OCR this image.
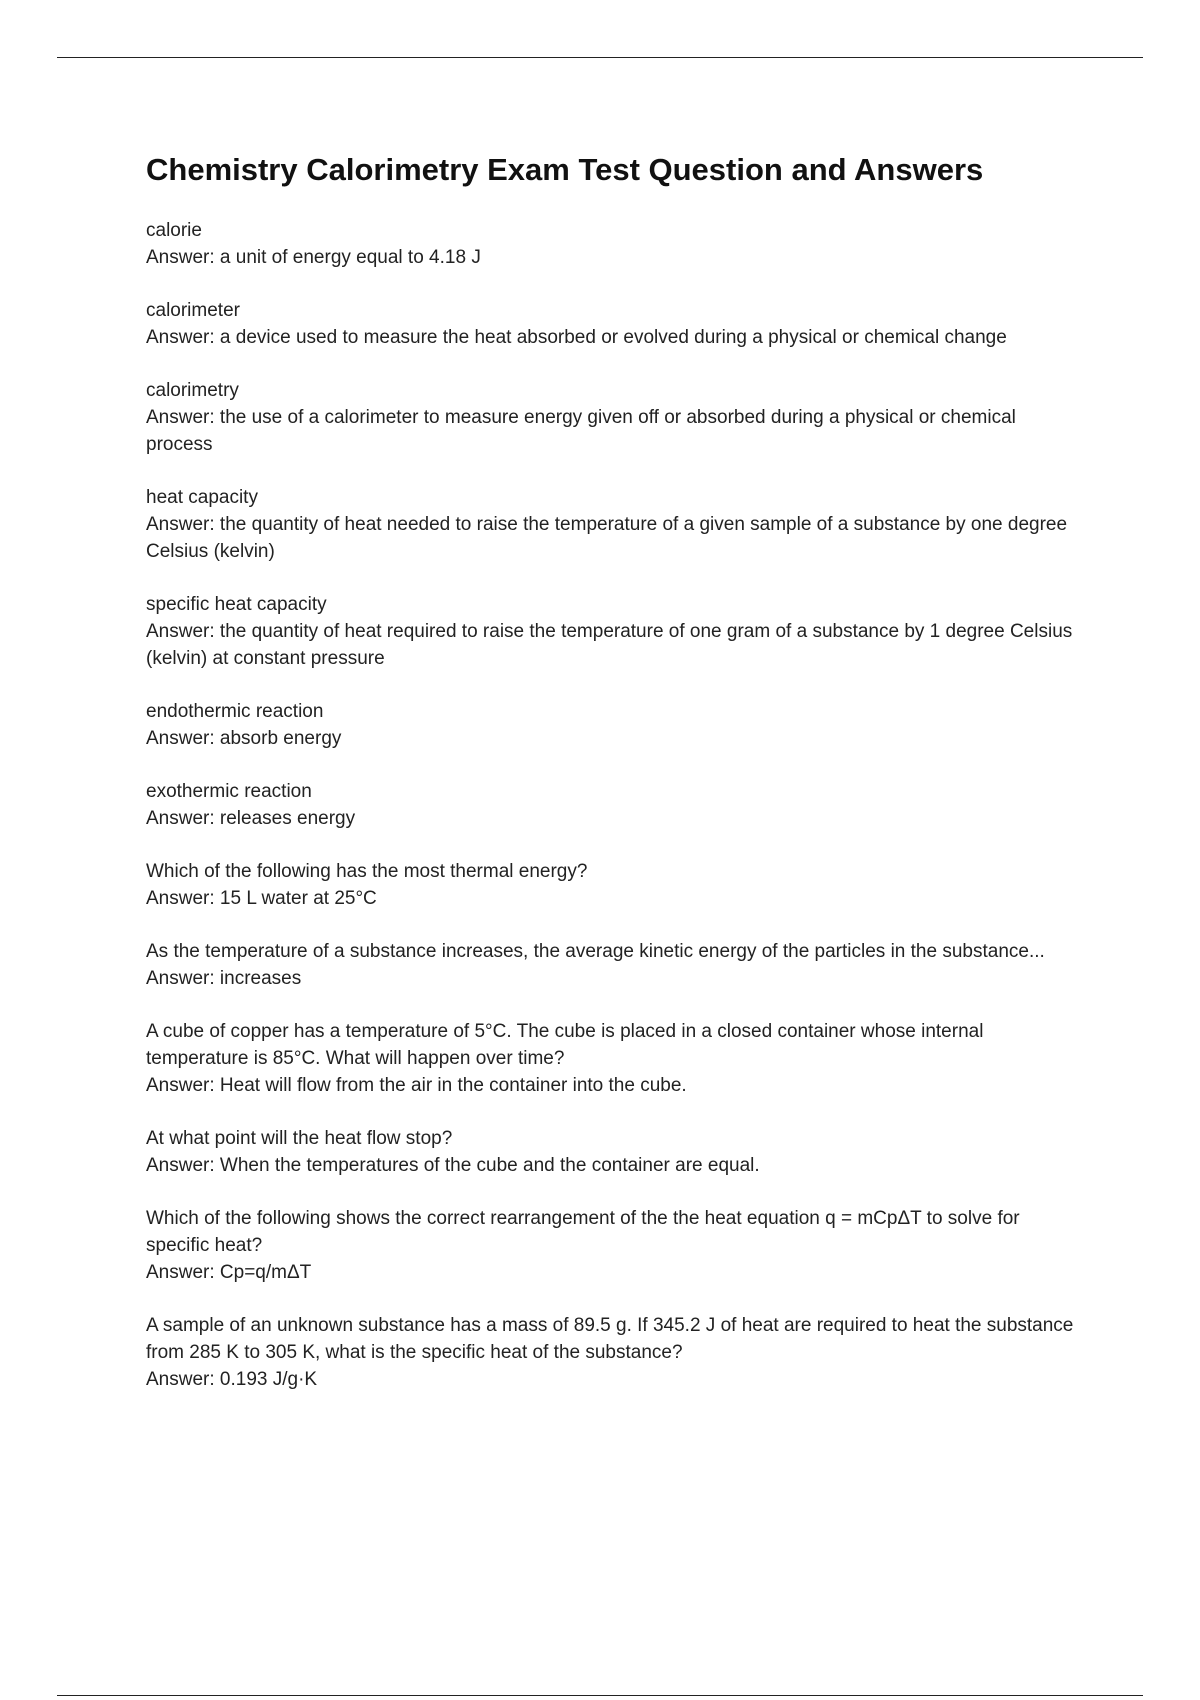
Chemistry Calorimetry Exam Test Question and Answers
calorie
Answer: a unit of energy equal to 4.18 J
calorimeter
Answer: a device used to measure the heat absorbed or evolved during a physical or chemical change
calorimetry
Answer: the use of a calorimeter to measure energy given off or absorbed during a physical or chemical process
heat capacity
Answer: the quantity of heat needed to raise the temperature of a given sample of a substance by one degree Celsius (kelvin)
specific heat capacity
Answer: the quantity of heat required to raise the temperature of one gram of a substance by 1 degree Celsius (kelvin) at constant pressure
endothermic reaction
Answer: absorb energy
exothermic reaction
Answer: releases energy
Which of the following has the most thermal energy?
Answer: 15 L water at 25°C
As the temperature of a substance increases, the average kinetic energy of the particles in the substance...
Answer: increases
A cube of copper has a temperature of 5°C. The cube is placed in a closed container whose internal temperature is 85°C. What will happen over time?
Answer: Heat will flow from the air in the container into the cube.
At what point will the heat flow stop?
Answer: When the temperatures of the cube and the container are equal.
Which of the following shows the correct rearrangement of the the heat equation q = mCpΔT to solve for specific heat?
Answer: Cp=q/mΔT
A sample of an unknown substance has a mass of 89.5 g. If 345.2 J of heat are required to heat the substance from 285 K to 305 K, what is the specific heat of the substance?
Answer: 0.193 J/g·K
